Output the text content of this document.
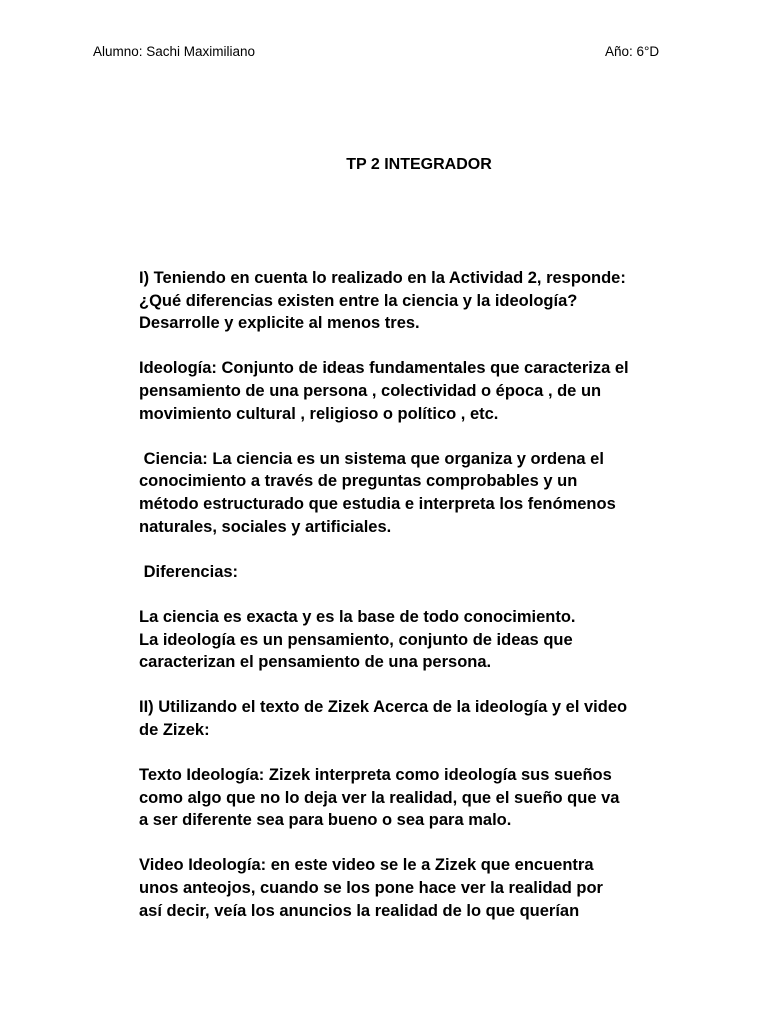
Alumno: Sachi Maximiliano	Año: 6°D
TP 2 INTEGRADOR

I) Teniendo en cuenta lo realizado en la Actividad 2, responde:
¿Qué diferencias existen entre la ciencia y la ideología?
Desarrolle y explicite al menos tres.

Ideología: Conjunto de ideas fundamentales que caracteriza el
pensamiento de una persona , colectividad o época , de un
movimiento cultural , religioso o político , etc.

Ciencia: La ciencia es un sistema que organiza y ordena el
conocimiento a través de preguntas comprobables y un
método estructurado que estudia e interpreta los fenómenos
naturales, sociales y artificiales.

Diferencias:

La ciencia es exacta y es la base de todo conocimiento.
La ideología es un pensamiento, conjunto de ideas que
caracterizan el pensamiento de una persona.

II) Utilizando el texto de Zizek Acerca de la ideología y el video
de Zizek:

Texto Ideología: Zizek interpreta como ideología sus sueños
como algo que no lo deja ver la realidad, que el sueño que va
a ser diferente sea para bueno o sea para malo.

Video Ideología: en este video se le a Zizek que encuentra
unos anteojos, cuando se los pone hace ver la realidad por
así decir, veía los anuncios la realidad de lo que querían
